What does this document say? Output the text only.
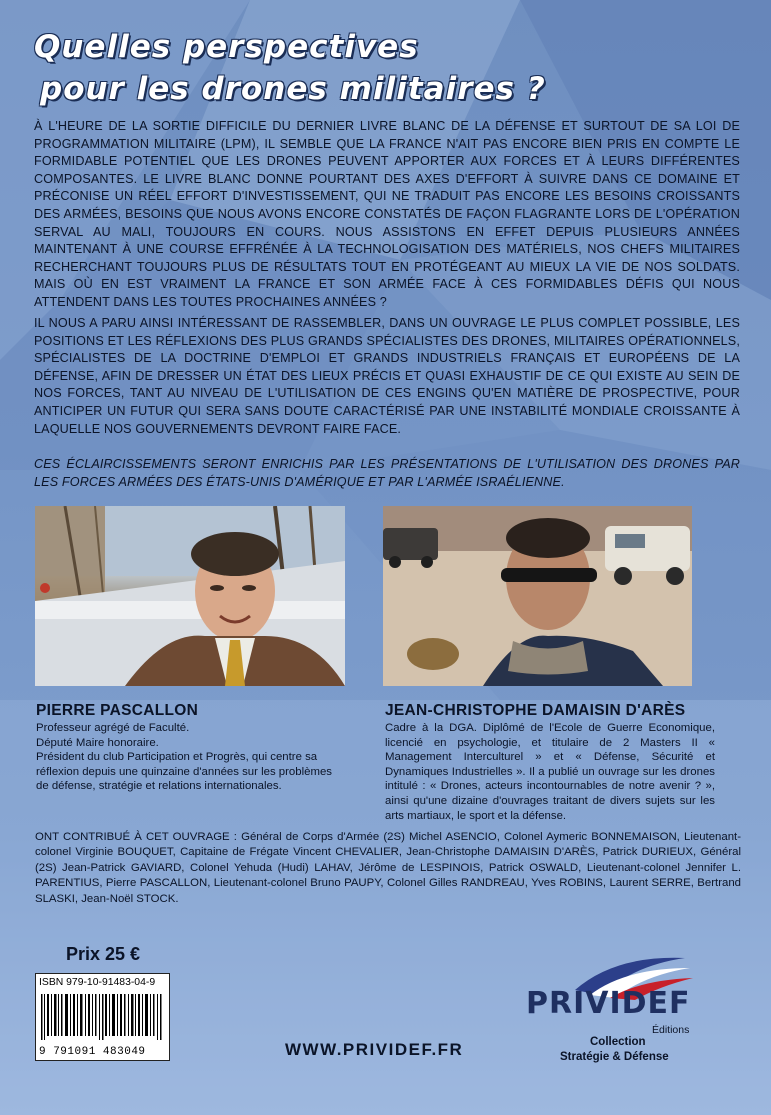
Quelles perspectives
pour les drones militaires ?

À L'HEURE DE LA SORTIE DIFFICILE DU DERNIER LIVRE BLANC DE LA DÉFENSE ET SURTOUT DE SA LOI DE PROGRAMMATION MILITAIRE (LPM), IL SEMBLE QUE LA FRANCE N'AIT PAS ENCORE BIEN PRIS EN COMPTE LE FORMIDABLE POTENTIEL QUE LES DRONES PEUVENT APPORTER AUX FORCES ET À LEURS DIFFÉRENTES COMPOSANTES. LE LIVRE BLANC DONNE POURTANT DES AXES D'EFFORT À SUIVRE DANS CE DOMAINE ET PRÉCONISE UN RÉEL EFFORT D'INVESTISSEMENT, QUI NE TRADUIT PAS ENCORE LES BESOINS CROISSANTS DES ARMÉES, BESOINS QUE NOUS AVONS ENCORE CONSTATÉS DE FAÇON FLAGRANTE LORS DE L'OPÉRATION SERVAL AU MALI, TOUJOURS EN COURS. NOUS ASSISTONS EN EFFET DEPUIS PLUSIEURS ANNÉES MAINTENANT À UNE COURSE EFFRÉNÉE À LA TECHNOLOGISATION DES MATÉRIELS, NOS CHEFS MILITAIRES RECHERCHANT TOUJOURS PLUS DE RÉSULTATS TOUT EN PROTÉGEANT AU MIEUX LA VIE DE NOS SOLDATS. MAIS OÙ EN EST VRAIMENT LA FRANCE ET SON ARMÉE FACE À CES FORMIDABLES DÉFIS QUI NOUS ATTENDENT DANS LES TOUTES PROCHAINES ANNÉES ?

IL NOUS A PARU AINSI INTÉRESSANT DE RASSEMBLER, DANS UN OUVRAGE LE PLUS COMPLET POSSIBLE, LES POSITIONS ET LES RÉFLEXIONS DES PLUS GRANDS SPÉCIALISTES DES DRONES, MILITAIRES OPÉRATIONNELS, SPÉCIALISTES DE LA DOCTRINE D'EMPLOI ET GRANDS INDUSTRIELS FRANÇAIS ET EUROPÉENS DE LA DÉFENSE, AFIN DE DRESSER UN ÉTAT DES LIEUX PRÉCIS ET QUASI EXHAUSTIF DE CE QUI EXISTE AU SEIN DE NOS FORCES, TANT AU NIVEAU DE L'UTILISATION DE CES ENGINS QU'EN MATIÈRE DE PROSPECTIVE, POUR ANTICIPER UN FUTUR QUI SERA SANS DOUTE CARACTÉRISÉ PAR UNE INSTABILITÉ MONDIALE CROISSANTE À LAQUELLE NOS GOUVERNEMENTS DEVRONT FAIRE FACE.

CES ÉCLAIRCISSEMENTS SERONT ENRICHIS PAR LES PRÉSENTATIONS DE L'UTILISATION DES DRONES PAR LES FORCES ARMÉES DES ÉTATS-UNIS D'AMÉRIQUE ET PAR L'ARMÉE ISRAÉLIENNE.

PIERRE PASCALLON

Professeur agrégé de Faculté.
Député Maire honoraire.
Président du club Participation et Progrès, qui centre sa réflexion depuis une quinzaine d'années sur les problèmes de défense, stratégie et relations internationales.

JEAN-CHRISTOPHE DAMAISIN D'ARÈS

Cadre à la DGA. Diplômé de l'Ecole de Guerre Economique, licencié en psychologie, et titulaire de 2 Masters II « Management Interculturel » et « Défense, Sécurité et Dynamiques Industrielles ». Il a publié un ouvrage sur les drones intitulé : « Drones, acteurs incontournables de notre avenir ? », ainsi qu'une dizaine d'ouvrages traitant de divers sujets sur les arts martiaux, le sport et la défense.

ONT CONTRIBUÉ À CET OUVRAGE : Général de Corps d'Armée (2S) Michel ASENCIO, Colonel Aymeric BONNEMAISON, Lieutenant-colonel Virginie BOUQUET, Capitaine de Frégate Vincent CHEVALIER, Jean-Christophe DAMAISIN D'ARÈS, Patrick DURIEUX, Général (2S) Jean-Patrick GAVIARD, Colonel Yehuda (Hudi) LAHAV, Jérôme de LESPINOIS, Patrick OSWALD, Lieutenant-colonel Jennifer L. PARENTIUS, Pierre PASCALLON, Lieutenant-colonel Bruno PAUPY, Colonel Gilles RANDREAU, Yves ROBINS, Laurent SERRE, Bertrand SLASKI, Jean-Noël STOCK.

Prix 25 €

ISBN 979-10-91483-04-9
9 791091 483049	WWW.PRIVIDEF.FR

PRIVIDEF
Éditions
Collection
Stratégie & Défense
